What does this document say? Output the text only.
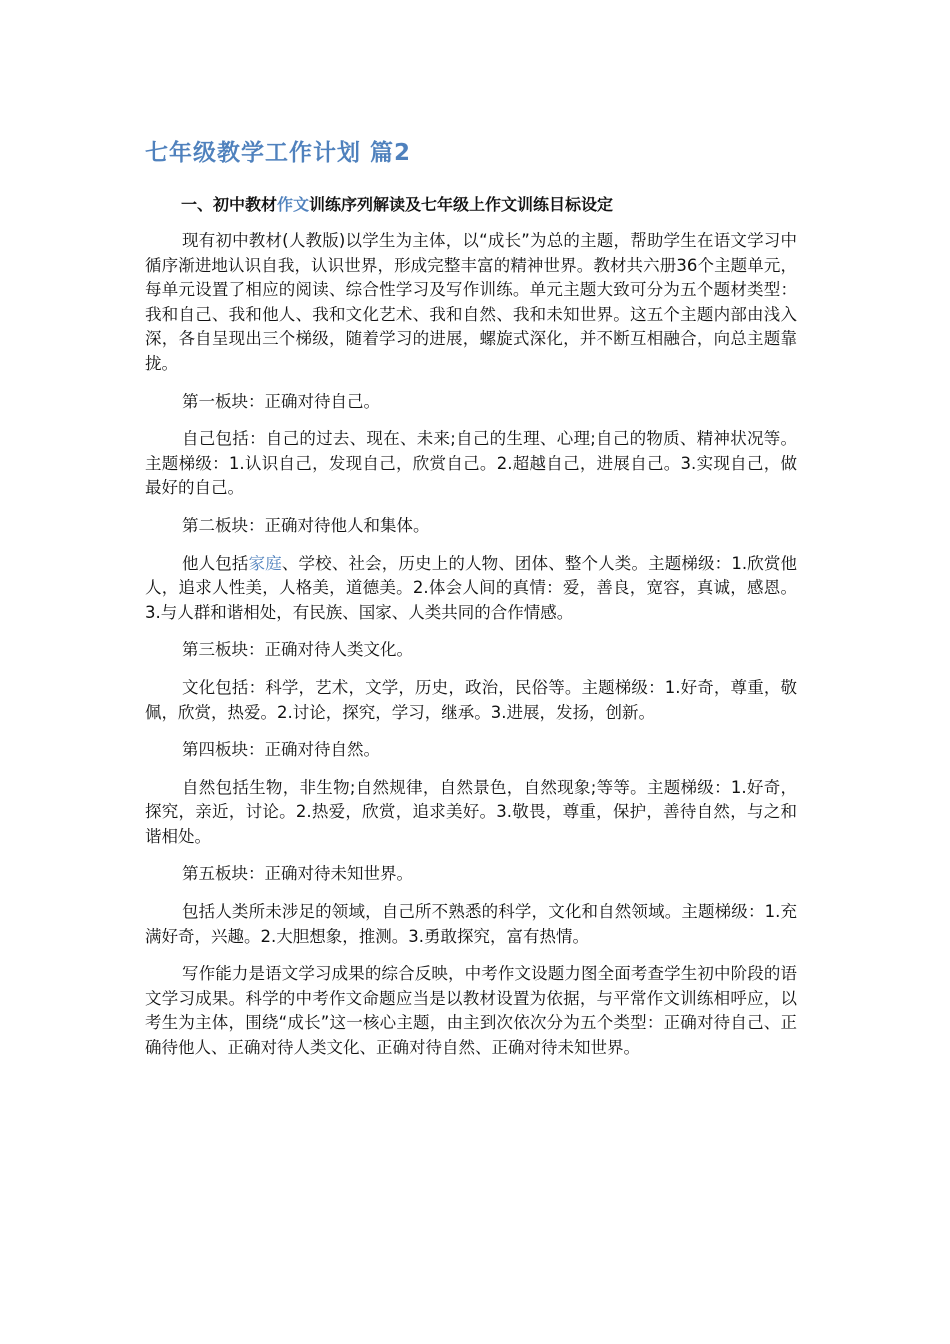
七年级教学工作计划 篇2
一、初中教材作文训练序列解读及七年级上作文训练目标设定

现有初中教材(人教版)以学生为主体，以“成长”为总的主题，帮助学生在语文学习中循序渐进地认识自我，认识世界，形成完整丰富的精神世界。教材共六册36个主题单元，每单元设置了相应的阅读、综合性学习及写作训练。单元主题大致可分为五个题材类型：我和自己、我和他人、我和文化艺术、我和自然、我和未知世界。这五个主题内部由浅入深，各自呈现出三个梯级，随着学习的进展，螺旋式深化，并不断互相融合，向总主题靠拢。

第一板块：正确对待自己。

自己包括：自己的过去、现在、未来;自己的生理、心理;自己的物质、精神状况等。主题梯级：1.认识自己，发现自己，欣赏自己。2.超越自己，进展自己。3.实现自己，做最好的自己。

第二板块：正确对待他人和集体。

他人包括家庭、学校、社会，历史上的人物、团体、整个人类。主题梯级：1.欣赏他人，追求人性美，人格美，道德美。2.体会人间的真情：爱，善良，宽容，真诚，感恩。3.与人群和谐相处，有民族、国家、人类共同的合作情感。

第三板块：正确对待人类文化。

文化包括：科学，艺术，文学，历史，政治，民俗等。主题梯级：1.好奇，尊重，敬佩，欣赏，热爱。2.讨论，探究，学习，继承。3.进展，发扬，创新。

第四板块：正确对待自然。

自然包括生物，非生物;自然规律，自然景色，自然现象;等等。主题梯级：1.好奇，探究，亲近，讨论。2.热爱，欣赏，追求美好。3.敬畏，尊重，保护，善待自然，与之和谐相处。

第五板块：正确对待未知世界。

包括人类所未涉足的领域，自己所不熟悉的科学，文化和自然领域。主题梯级：1.充满好奇，兴趣。2.大胆想象，推测。3.勇敢探究，富有热情。

写作能力是语文学习成果的综合反映，中考作文设题力图全面考查学生初中阶段的语文学习成果。科学的中考作文命题应当是以教材设置为依据，与平常作文训练相呼应，以考生为主体，围绕“成长”这一核心主题，由主到次依次分为五个类型：正确对待自己、正确待他人、正确对待人类文化、正确对待自然、正确对待未知世界。
